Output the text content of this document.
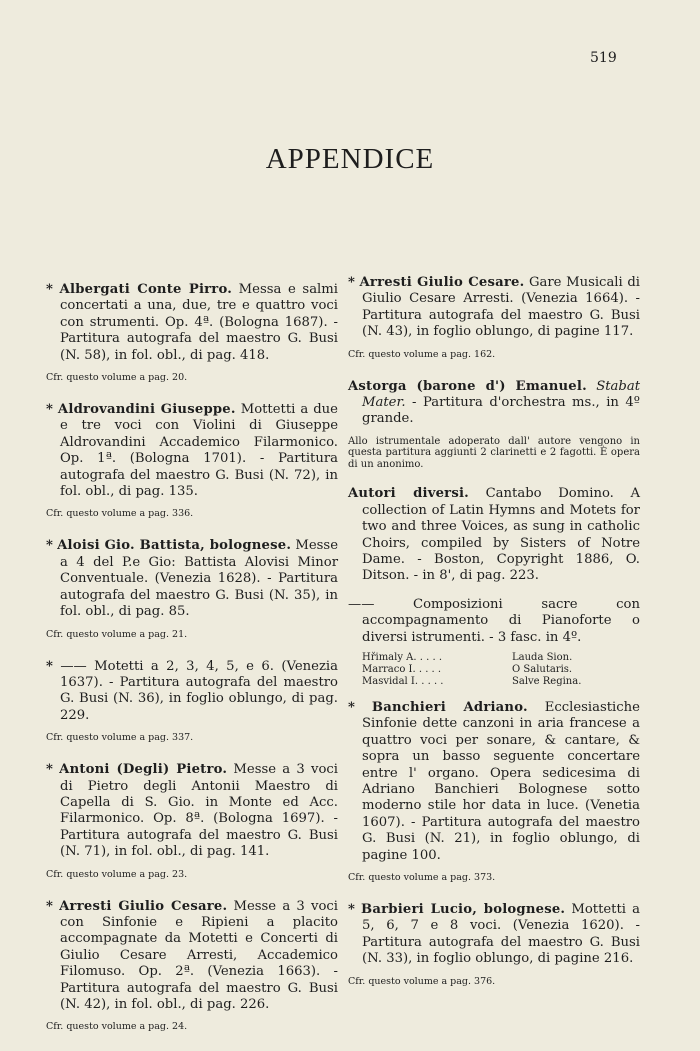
519
APPENDICE
* Albergati Conte Pirro. Messa e salmi concertati a una, due, tre e quattro voci con strumenti. Op. 4ª. (Bologna 1687). - Partitura autografa del maestro G. Busi (N. 58), in fol. obl., di pag. 418.
Cfr. questo volume a pag. 20.
* Aldrovandini Giuseppe. Mottetti a due e tre voci con Violini di Giuseppe Aldrovandini Accademico Filarmonico. Op. 1ª. (Bologna 1701). - Partitura autografa del maestro G. Busi (N. 72), in fol. obl., di pag. 135.
Cfr. questo volume a pag. 336.
* Aloisi Gio. Battista, bolognese. Messe a 4 del P.e Gio: Battista Alovisi Minor Conventuale. (Venezia 1628). - Partitura autografa del maestro G. Busi (N. 35), in fol. obl., di pag. 85.
Cfr. questo volume a pag. 21.
* —— Motetti a 2, 3, 4, 5, e 6. (Venezia 1637). - Partitura autografa del maestro G. Busi (N. 36), in foglio oblungo, di pag. 229.
Cfr. questo volume a pag. 337.
* Antoni (Degli) Pietro. Messe a 3 voci di Pietro degli Antonii Maestro di Capella di S. Gio. in Monte ed Acc. Filarmonico. Op. 8ª. (Bologna 1697). - Partitura autografa del maestro G. Busi (N. 71), in fol. obl., di pag. 141.
Cfr. questo volume a pag. 23.
* Arresti Giulio Cesare. Messe a 3 voci con Sinfonie e Ripieni a placito accompagnate da Motetti e Concerti di Giulio Cesare Arresti, Accademico Filomuso. Op. 2ª. (Venezia 1663). - Partitura autografa del maestro G. Busi (N. 42), in fol. obl., di pag. 226.
Cfr. questo volume a pag. 24.
* Arresti Giulio Cesare. Gare Musicali di Giulio Cesare Arresti. (Venezia 1664). - Partitura autografa del maestro G. Busi (N. 43), in foglio oblungo, di pagine 117.
Cfr. questo volume a pag. 162.
Astorga (barone d') Emanuel. Stabat Mater. - Partitura d'orchestra ms., in 4º grande.
Allo istrumentale adoperato dall' autore vengono in questa partitura aggiunti 2 clarinetti e 2 fagotti. È opera di un anonimo.
Autori diversi. Cantabo Domino. A collection of Latin Hymns and Motets for two and three Voices, as sung in catholic Choirs, compiled by Sisters of Notre Dame. - Boston, Copyright 1886, O. Ditson. - in 8', di pag. 223.
——	Composizioni sacre con accompagnamento di Pianoforte o diversi istrumenti. - 3 fasc. in 4º.
Hřimaly A. . . . .	Lauda Sion.
Marraco I. . . . .	O Salutaris.
Masvidal I. . . . .	Salve Regina.
* Banchieri Adriano. Ecclesiastiche Sinfonie dette canzoni in aria francese a quattro voci per sonare, & cantare, & sopra un basso seguente concertare entre l' organo. Opera sedicesima di Adriano Banchieri Bolognese sotto moderno stile hor data in luce. (Venetia 1607). - Partitura autografa del maestro G. Busi (N. 21), in foglio oblungo, di pagine 100.
Cfr. questo volume a pag. 373.
* Barbieri Lucio, bolognese. Mottetti a 5, 6, 7 e 8 voci. (Venezia 1620). - Partitura autografa del maestro G. Busi (N. 33), in foglio oblungo, di pagine 216.
Cfr. questo volume a pag. 376.
